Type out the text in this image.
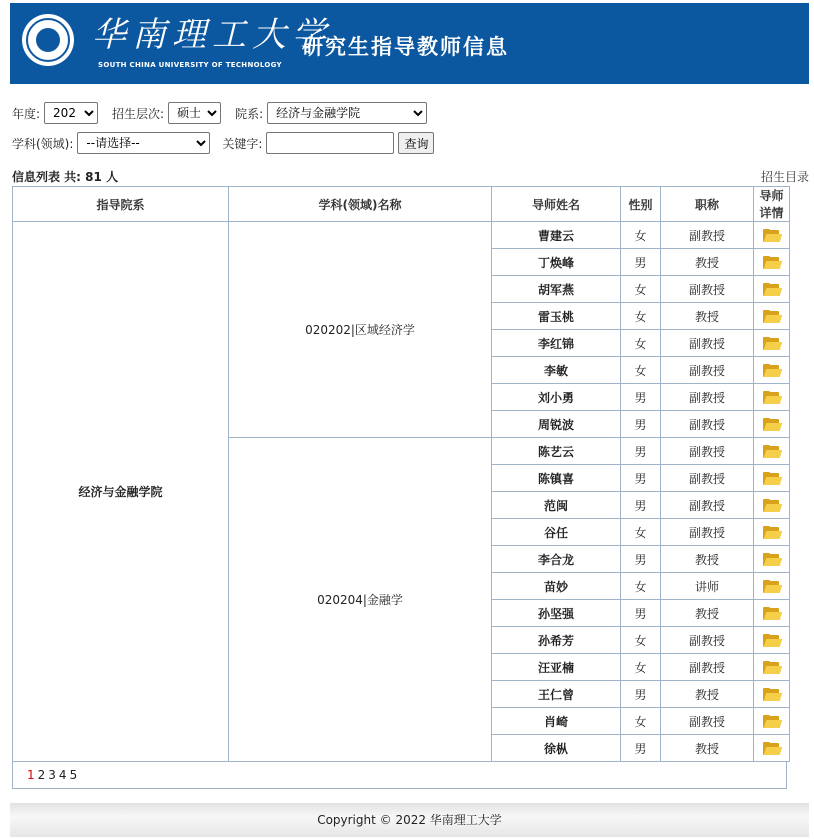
华南理工大学
SOUTH CHINA UNIVERSITY OF TECHNOLOGY
研究生指导教师信息
年度:
2023	招生层次:
硕士	院系:
经济与金融学院
学科(领域):
--请选择--	关键字:	查询
信息列表 共: 81 人	招生目录
指导院系	学科(领域)名称	导师姓名	性别	职称	导师详情
经济与金融学院	020202|区域经济学	曹建云	女	副教授	

		丁焕峰	男	教授	

		胡军燕	女	副教授	

		雷玉桃	女	教授	

		李红锦	女	副教授	

		李敏	女	副教授	

		刘小勇	男	副教授	

		周锐波	男	副教授	

	020204|金融学	陈艺云	男	副教授	

		陈镇喜	男	副教授	

		范闽	男	副教授	

		谷任	女	副教授	

		李合龙	男	教授	

		苗妙	女	讲师	

		孙坚强	男	教授	

		孙希芳	女	副教授	

		汪亚楠	女	副教授	

		王仁曾	男	教授	

		肖崎	女	副教授	

		徐枞	男	教授	
1 2 3 4 5
Copyright © 2022 华南理工大学
